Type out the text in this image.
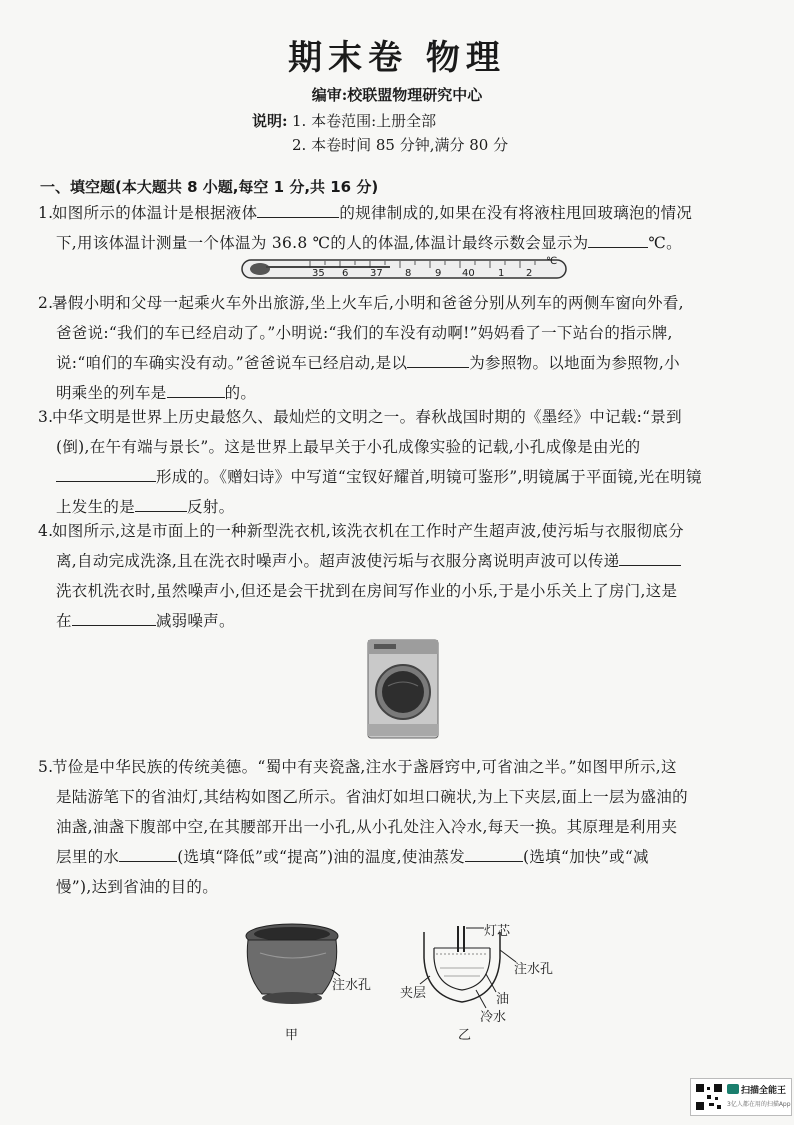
期末卷 物理
编审:校联盟物理研究中心
说明: 1. 本卷范围:上册全部
2. 本卷时间 85 分钟,满分 80 分
一、填空题(本大题共 8 小题,每空 1 分,共 16 分)

1.如图所示的体温计是根据液体	的规律制成的,如果在没有将液柱甩回玻璃泡的情况

下,用该体温计测量一个体温为 36.8 ℃的人的体温,体温计最终示数会显示为	℃。

35 6 37 8 9 40 1 2
℃

2.暑假小明和父母一起乘火车外出旅游,坐上火车后,小明和爸爸分别从列车的两侧车窗向外看,

爸爸说:“我们的车已经启动了。”小明说:“我们的车没有动啊!”妈妈看了一下站台的指示牌,

说:“咱们的车确实没有动。”爸爸说车已经启动,是以	为参照物。以地面为参照物,小

明乘坐的列车是	的。

3.中华文明是世界上历史最悠久、最灿烂的文明之一。春秋战国时期的《墨经》中记载:“景到

(倒),在午有端与景长”。这是世界上最早关于小孔成像实验的记载,小孔成像是由光的

形成的。《赠妇诗》中写道“宝钗好耀首,明镜可鉴形”,明镜属于平面镜,光在明镜

上发生的是	反射。

4.如图所示,这是市面上的一种新型洗衣机,该洗衣机在工作时产生超声波,使污垢与衣服彻底分

离,自动完成洗涤,且在洗衣时噪声小。超声波使污垢与衣服分离说明声波可以传递

洗衣机洗衣时,虽然噪声小,但还是会干扰到在房间写作业的小乐,于是小乐关上了房门,这是

在	减弱噪声。

5.节俭是中华民族的传统美德。“蜀中有夹瓷盏,注水于盏唇窍中,可省油之半。”如图甲所示,这

是陆游笔下的省油灯,其结构如图乙所示。省油灯如坦口碗状,为上下夹层,面上一层为盛油的

油盏,油盏下腹部中空,在其腰部开出一小孔,从小孔处注入冷水,每天一换。其原理是利用夹

层里的水	(选填“降低”或“提高”)油的温度,使油蒸发	(选填“加快”或“减

慢”),达到省油的目的。

注水孔
甲
灯芯
注水孔
夹层	油
冷水
乙
扫描全能王
3亿人都在用的扫描App
